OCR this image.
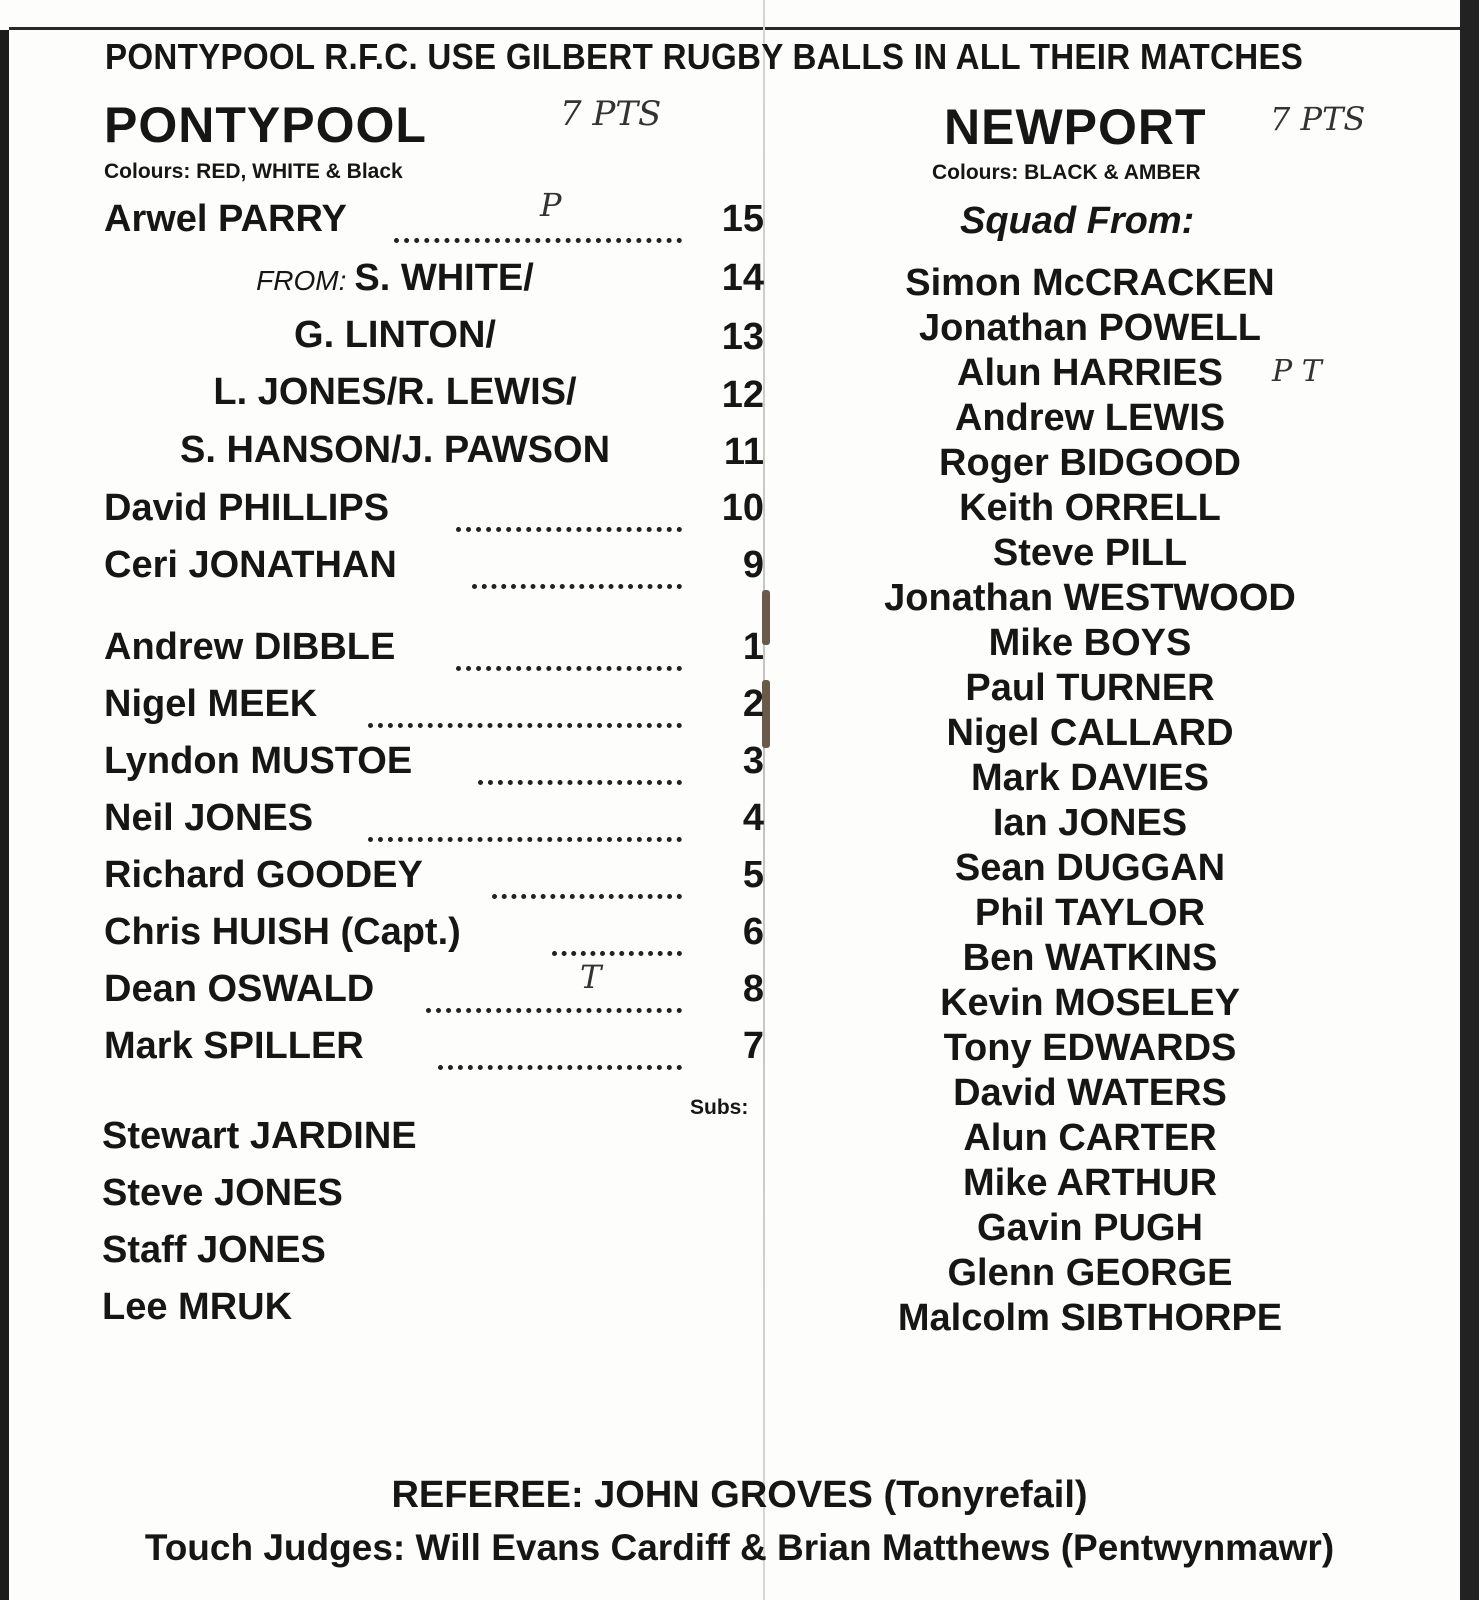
PONTYPOOL R.F.C. USE GILBERT RUGBY BALLS IN ALL THEIR MATCHES
PONTYPOOL	7 PTS
Colours: RED, WHITE & Black
NEWPORT 7 PTS
Colours: BLACK & AMBER
Squad From:
Arwel PARRY	15
P
FROM: S. WHITE/	14
G. LINTON/	13
L. JONES/R. LEWIS/	12
S. HANSON/J. PAWSON	11
David PHILLIPS	10
Ceri JONATHAN	9
Andrew DIBBLE	1
Nigel MEEK	2
Lyndon MUSTOE	3
Neil JONES	4
Richard GOODEY	5
Chris HUISH (Capt.)	6
Dean OSWALD	8
T
Mark SPILLER	7
Subs:
Stewart JARDINE
Steve JONES
Staff JONES
Lee MRUK
Simon McCRACKEN
Jonathan POWELL
Alun HARRIES	P T
Andrew LEWIS
Roger BIDGOOD
Keith ORRELL
Steve PILL
Jonathan WESTWOOD
Mike BOYS
Paul TURNER
Nigel CALLARD
Mark DAVIES
Ian JONES
Sean DUGGAN
Phil TAYLOR
Ben WATKINS
Kevin MOSELEY
Tony EDWARDS
David WATERS
Alun CARTER
Mike ARTHUR
Gavin PUGH
Glenn GEORGE
Malcolm SIBTHORPE
REFEREE: JOHN GROVES (Tonyrefail)
Touch Judges: Will Evans Cardiff & Brian Matthews (Pentwynmawr)
